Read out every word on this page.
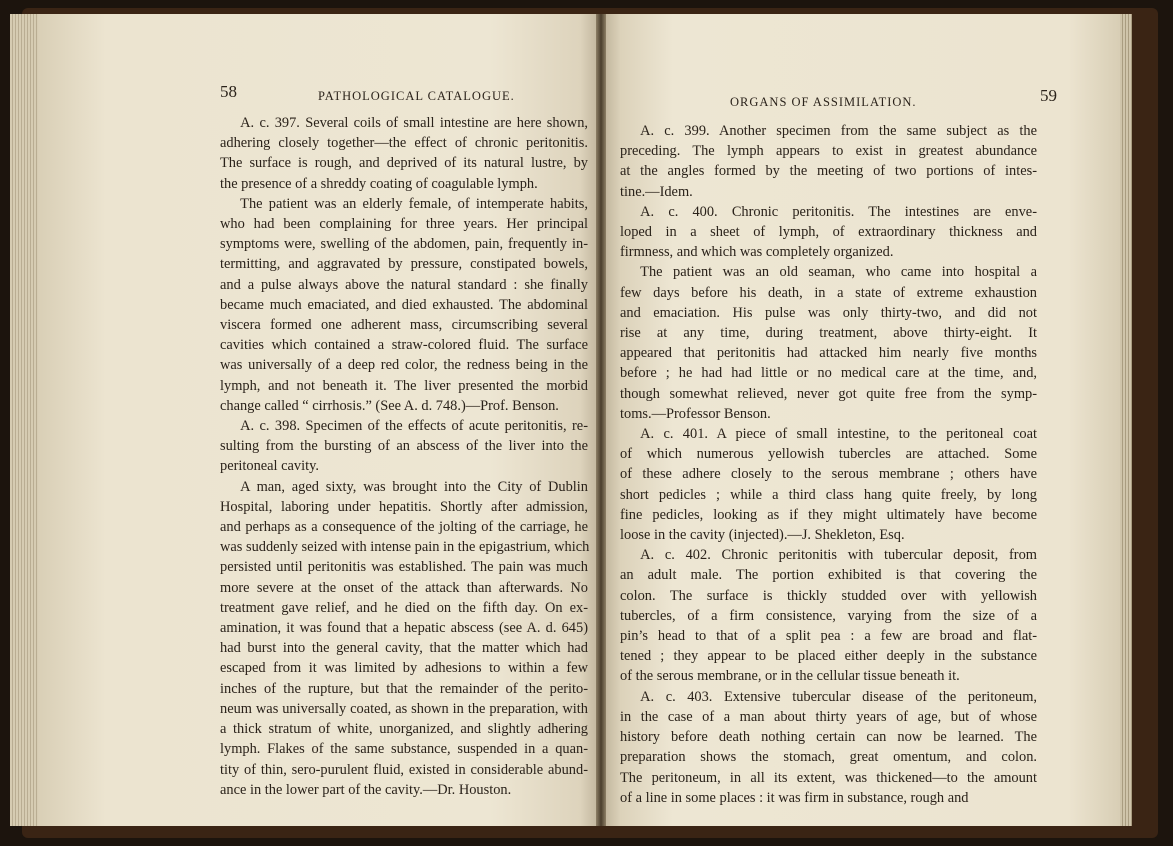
58	PATHOLOGICAL CATALOGUE.	ORGANS OF ASSIMILATION.	59
A. c. 397. Several coils of small intestine are here shown,
adhering closely together—the effect of chronic peritonitis.
The surface is rough, and deprived of its natural lustre, by
the presence of a shreddy coating of coagulable lymph.
The patient was an elderly female, of intemperate habits,
who had been complaining for three years. Her principal
symptoms were, swelling of the abdomen, pain, frequently in-
termitting, and aggravated by pressure, constipated bowels,
and a pulse always above the natural standard : she finally
became much emaciated, and died exhausted. The abdominal
viscera formed one adherent mass, circumscribing several
cavities which contained a straw-colored fluid. The surface
was universally of a deep red color, the redness being in the
lymph, and not beneath it. The liver presented the morbid
change called “ cirrhosis.” (See A. d. 748.)—Prof. Benson.
A. c. 398. Specimen of the effects of acute peritonitis, re-
sulting from the bursting of an abscess of the liver into the
peritoneal cavity.
A man, aged sixty, was brought into the City of Dublin
Hospital, laboring under hepatitis. Shortly after admission,
and perhaps as a consequence of the jolting of the carriage, he
was suddenly seized with intense pain in the epigastrium, which
persisted until peritonitis was established. The pain was much
more severe at the onset of the attack than afterwards. No
treatment gave relief, and he died on the fifth day. On ex-
amination, it was found that a hepatic abscess (see A. d. 645)
had burst into the general cavity, that the matter which had
escaped from it was limited by adhesions to within a few
inches of the rupture, but that the remainder of the perito-
neum was universally coated, as shown in the preparation, with
a thick stratum of white, unorganized, and slightly adhering
lymph. Flakes of the same substance, suspended in a quan-
tity of thin, sero-purulent fluid, existed in considerable abund-
ance in the lower part of the cavity.—Dr. Houston.
A. c. 399. Another specimen from the same subject as the
preceding. The lymph appears to exist in greatest abundance
at the angles formed by the meeting of two portions of intes-
tine.—Idem.
A. c. 400. Chronic peritonitis. The intestines are enve-
loped in a sheet of lymph, of extraordinary thickness and
firmness, and which was completely organized.
The patient was an old seaman, who came into hospital a
few days before his death, in a state of extreme exhaustion
and emaciation. His pulse was only thirty-two, and did not
rise at any time, during treatment, above thirty-eight. It
appeared that peritonitis had attacked him nearly five months
before ; he had had little or no medical care at the time, and,
though somewhat relieved, never got quite free from the symp-
toms.—Professor Benson.
A. c. 401. A piece of small intestine, to the peritoneal coat
of which numerous yellowish tubercles are attached. Some
of these adhere closely to the serous membrane ; others have
short pedicles ; while a third class hang quite freely, by long
fine pedicles, looking as if they might ultimately have become
loose in the cavity (injected).—J. Shekleton, Esq.
A. c. 402. Chronic peritonitis with tubercular deposit, from
an adult male. The portion exhibited is that covering the
colon. The surface is thickly studded over with yellowish
tubercles, of a firm consistence, varying from the size of a
pin’s head to that of a split pea : a few are broad and flat-
tened ; they appear to be placed either deeply in the substance
of the serous membrane, or in the cellular tissue beneath it.
A. c. 403. Extensive tubercular disease of the peritoneum,
in the case of a man about thirty years of age, but of whose
history before death nothing certain can now be learned. The
preparation shows the stomach, great omentum, and colon.
The peritoneum, in all its extent, was thickened—to the amount
of a line in some places : it was firm in substance, rough and
